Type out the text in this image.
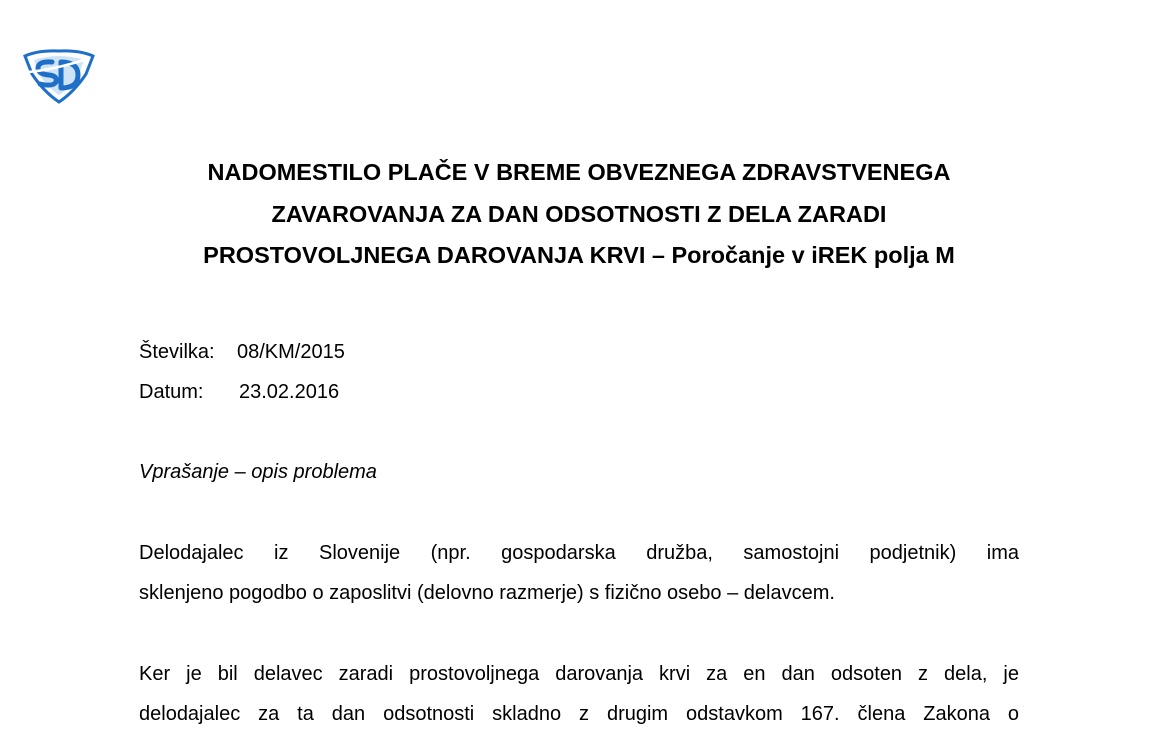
NADOMESTILO PLAČE V BREME OBVEZNEGA ZDRAVSTVENEGA
ZAVAROVANJA ZA DAN ODSOTNOSTI Z DELA ZARADI
PROSTOVOLJNEGA DAROVANJA KRVI – Poročanje v iREK polja M
Številka: 08/KM/2015
Datum: 23.02.2016
Vprašanje – opis problema
Delodajalec iz Slovenije (npr. gospodarska družba, samostojni podjetnik) ima
sklenjeno pogodbo o zaposlitvi (delovno razmerje) s fizično osebo – delavcem.
Ker je bil delavec zaradi prostovoljnega darovanja krvi za en dan odsoten z dela, je
delodajalec za ta dan odsotnosti skladno z drugim odstavkom 167. člena Zakona o
